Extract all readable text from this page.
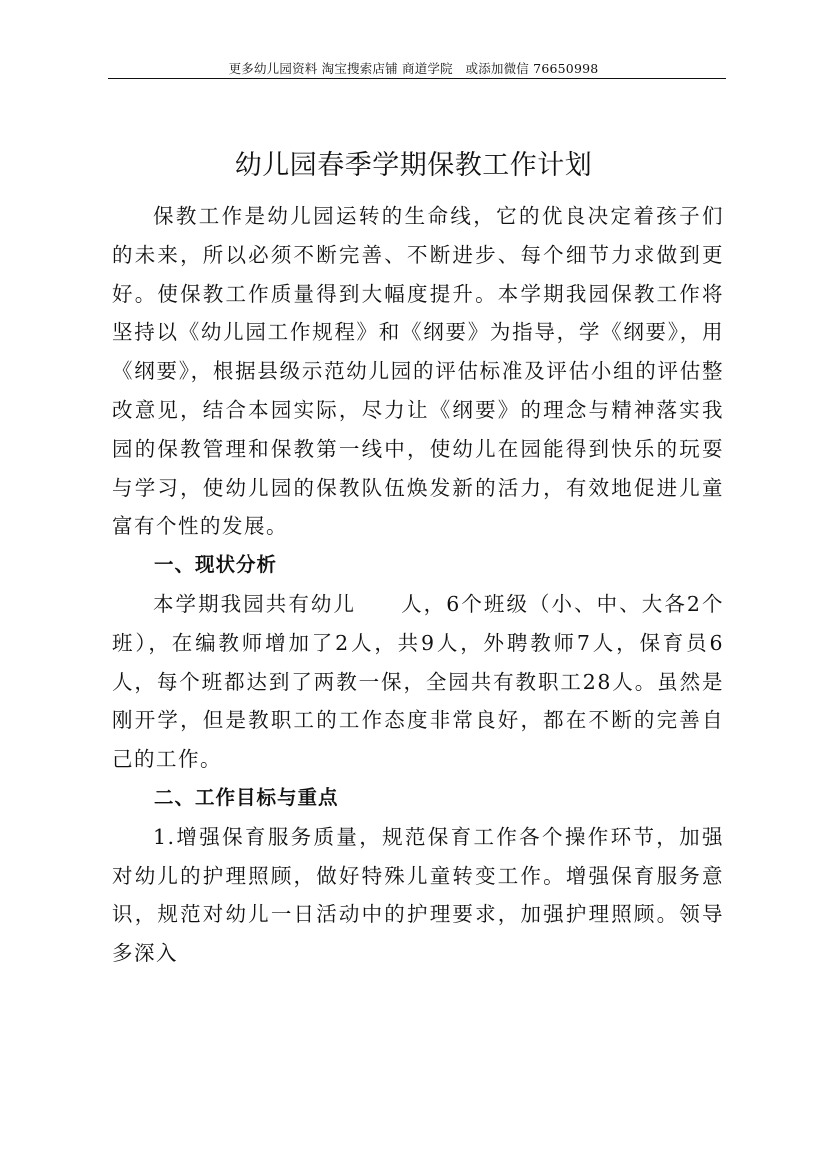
更多幼儿园资料 淘宝搜索店铺 商道学院　或添加微信 76650998
幼儿园春季学期保教工作计划

保教工作是幼儿园运转的生命线，它的优良决定着孩子们的未来，所以必须不断完善、不断进步、每个细节力求做到更好。使保教工作质量得到大幅度提升。本学期我园保教工作将坚持以《幼儿园工作规程》和《纲要》为指导，学《纲要》，用《纲要》，根据县级示范幼儿园的评估标准及评估小组的评估整改意见，结合本园实际，尽力让《纲要》的理念与精神落实我园的保教管理和保教第一线中，使幼儿在园能得到快乐的玩耍与学习，使幼儿园的保教队伍焕发新的活力，有效地促进儿童富有个性的发展。

一、现状分析

本学期我园共有幼儿　　人，6个班级（小、中、大各2个班），在编教师增加了2人，共9人，外聘教师7人，保育员6人，每个班都达到了两教一保，全园共有教职工28人。虽然是刚开学，但是教职工的工作态度非常良好，都在不断的完善自己的工作。

二、工作目标与重点

1.增强保育服务质量，规范保育工作各个操作环节，加强对幼儿的护理照顾，做好特殊儿童转变工作。增强保育服务意识，规范对幼儿一日活动中的护理要求，加强护理照顾。领导多深入
